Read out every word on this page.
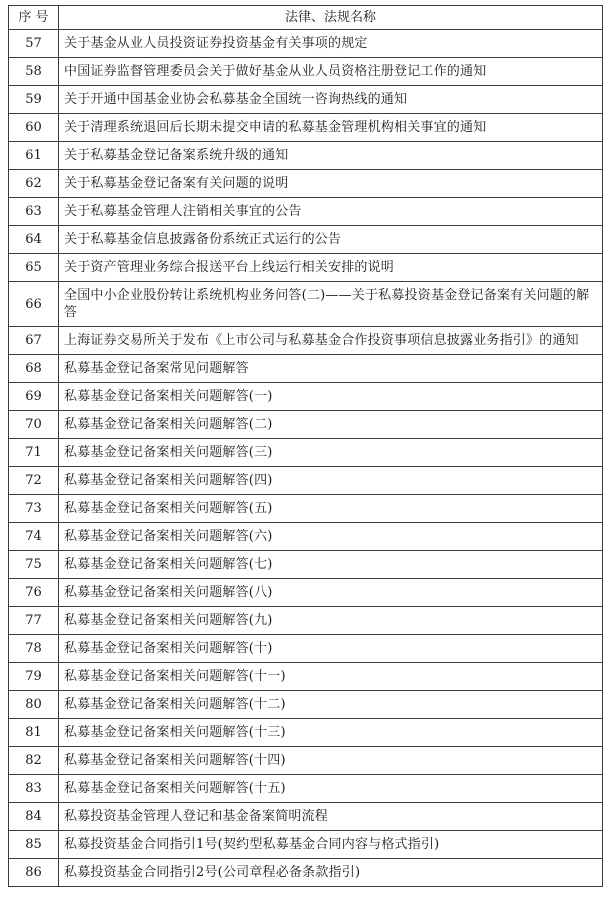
序 号	法律、法规名称
57	关于基金从业人员投资证券投资基金有关事项的规定
58	中国证券监督管理委员会关于做好基金从业人员资格注册登记工作的通知
59	关于开通中国基金业协会私募基金全国统一咨询热线的通知
60	关于清理系统退回后长期未提交申请的私募基金管理机构相关事宜的通知
61	关于私募基金登记备案系统升级的通知
62	关于私募基金登记备案有关问题的说明
63	关于私募基金管理人注销相关事宜的公告
64	关于私募基金信息披露备份系统正式运行的公告
65	关于资产管理业务综合报送平台上线运行相关安排的说明
66	全国中小企业股份转让系统机构业务问答(二)——关于私募投资基金登记备案有关问题的解答
67	上海证券交易所关于发布《上市公司与私募基金合作投资事项信息披露业务指引》的通知
68	私募基金登记备案常见问题解答
69	私募基金登记备案相关问题解答(一)
70	私募基金登记备案相关问题解答(二)
71	私募基金登记备案相关问题解答(三)
72	私募基金登记备案相关问题解答(四)
73	私募基金登记备案相关问题解答(五)
74	私募基金登记备案相关问题解答(六)
75	私募基金登记备案相关问题解答(七)
76	私募基金登记备案相关问题解答(八)
77	私募基金登记备案相关问题解答(九)
78	私募基金登记备案相关问题解答(十)
79	私募基金登记备案相关问题解答(十一)
80	私募基金登记备案相关问题解答(十二)
81	私募基金登记备案相关问题解答(十三)
82	私募基金登记备案相关问题解答(十四)
83	私募基金登记备案相关问题解答(十五)
84	私募投资基金管理人登记和基金备案简明流程
85	私募投资基金合同指引1号(契约型私募基金合同内容与格式指引)
86	私募投资基金合同指引2号(公司章程必备条款指引)
